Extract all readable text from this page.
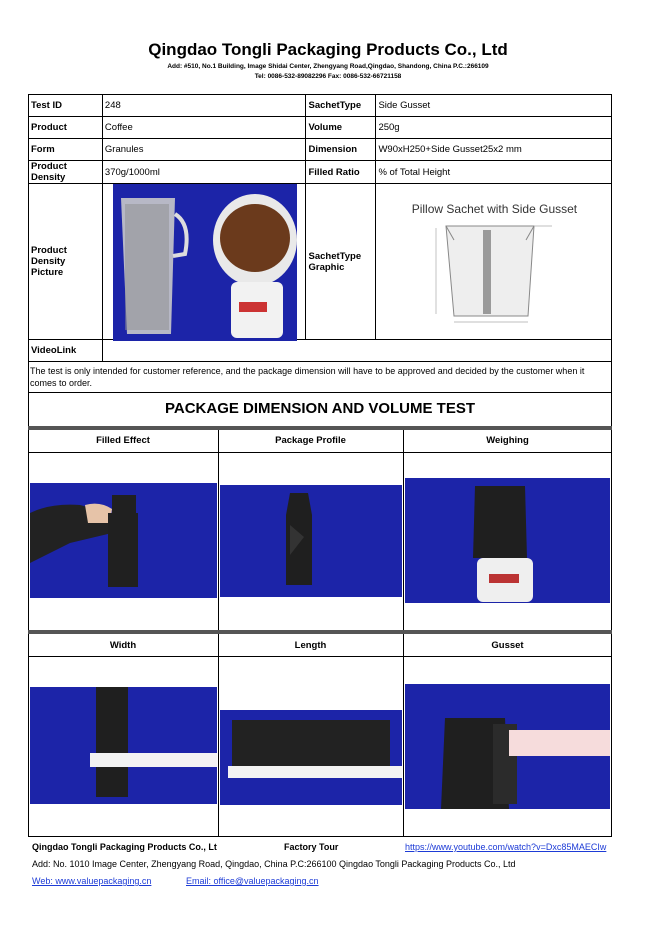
Qingdao Tongli Packaging Products Co., Ltd
Add: #510, No.1 Building, Image Shidai Center, Zhengyang Road,Qingdao, Shandong, China P.C.:266109
Tel: 0086-532-89082296 Fax: 0086-532-66721158
Test ID	248	SachetType	Side Gusset
Product	Coffee	Volume	250g
Form	Granules	Dimension	W90xH250+Side Gusset25x2 mm
Product Density	370g/1000ml	Filled Ratio	% of Total Height
Product Density Picture		SachetType Graphic	Pillow Sachet with Side Gusset

VideoLink			
The test is only intended for customer reference, and the package dimension will have to be approved and decided by the customer when it comes to order.
PACKAGE DIMENSION AND VOLUME TEST
Filled Effect	Package Profile	Weighing
Width	Length	Gusset
Qingdao Tongli Packaging Products Co., Lt	Factory Tour	https://www.youtube.com/watch?v=Dxc85MAECIw
Add: No. 1010 Image Center, Zhengyang Road, Qingdao, China P.C:266100 Qingdao Tongli Packaging Products Co., Ltd
Web: www.valuepackaging.cn	Email: office@valuepackaging.cn
